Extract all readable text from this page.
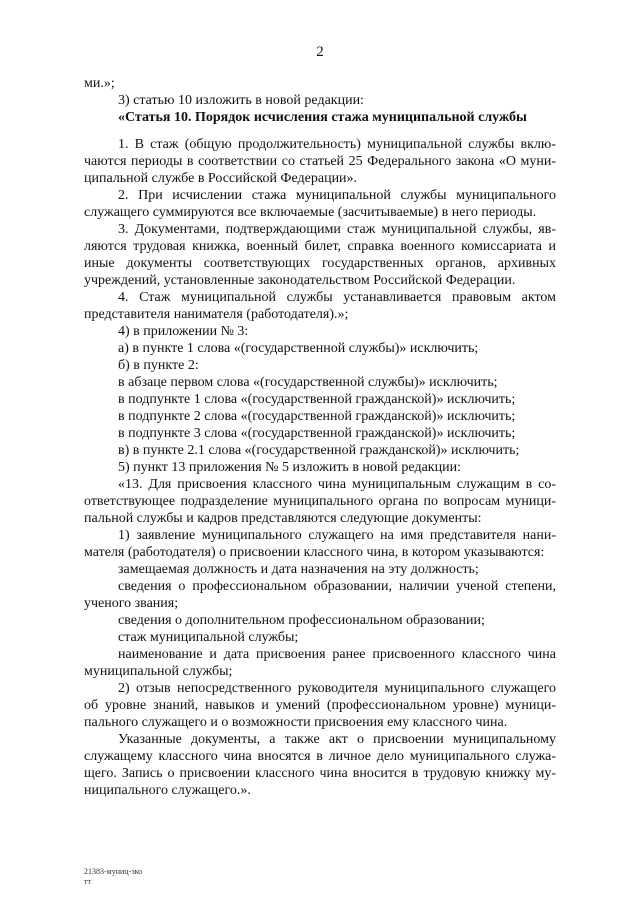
2
ми.»;
3) статью 10 изложить в новой редакции:
«Статья 10. Порядок исчисления стажа муниципальной службы
1. В стаж (общую продолжительность) муниципальной службы вклю-
чаются периоды в соответствии со статьей 25 Федерального закона «О муни-
ципальной службе в Российской Федерации».
2. При исчислении стажа муниципальной службы муниципального
служащего суммируются все включаемые (засчитываемые) в него периоды.
3. Документами, подтверждающими стаж муниципальной службы, яв-
ляются трудовая книжка, военный билет, справка военного комиссариата и
иные документы соответствующих государственных органов, архивных
учреждений, установленные законодательством Российской Федерации.
4. Стаж муниципальной службы устанавливается правовым актом
представителя нанимателя (работодателя).»;
4) в приложении № 3:
а) в пункте 1 слова «(государственной службы)» исключить;
б) в пункте 2:
в абзаце первом слова «(государственной службы)» исключить;
в подпункте 1 слова «(государственной гражданской)» исключить;
в подпункте 2 слова «(государственной гражданской)» исключить;
в подпункте 3 слова «(государственной гражданской)» исключить;
в) в пункте 2.1 слова «(государственной гражданской)» исключить;
5) пункт 13 приложения № 5 изложить в новой редакции:
«13. Для присвоения классного чина муниципальным служащим в со-
ответствующее подразделение муниципального органа по вопросам муници-
пальной службы и кадров представляются следующие документы:
1) заявление муниципального служащего на имя представителя нани-
мателя (работодателя) о присвоении классного чина, в котором указываются:
замещаемая должность и дата назначения на эту должность;
сведения о профессиональном образовании, наличии ученой степени,
ученого звания;
сведения о дополнительном профессиональном образовании;
стаж муниципальной службы;
наименование и дата присвоения ранее присвоенного классного чина
муниципальной службы;
2) отзыв непосредственного руководителя муниципального служащего
об уровне знаний, навыков и умений (профессиональном уровне) муници-
пального служащего и о возможности присвоения ему классного чина.
Указанные документы, а также акт о присвоении муниципальному
служащему классного чина вносятся в личное дело муниципального служа-
щего. Запись о присвоении классного чина вносится в трудовую книжку му-
ниципального служащего.».
21383-муниц-эко
тт
